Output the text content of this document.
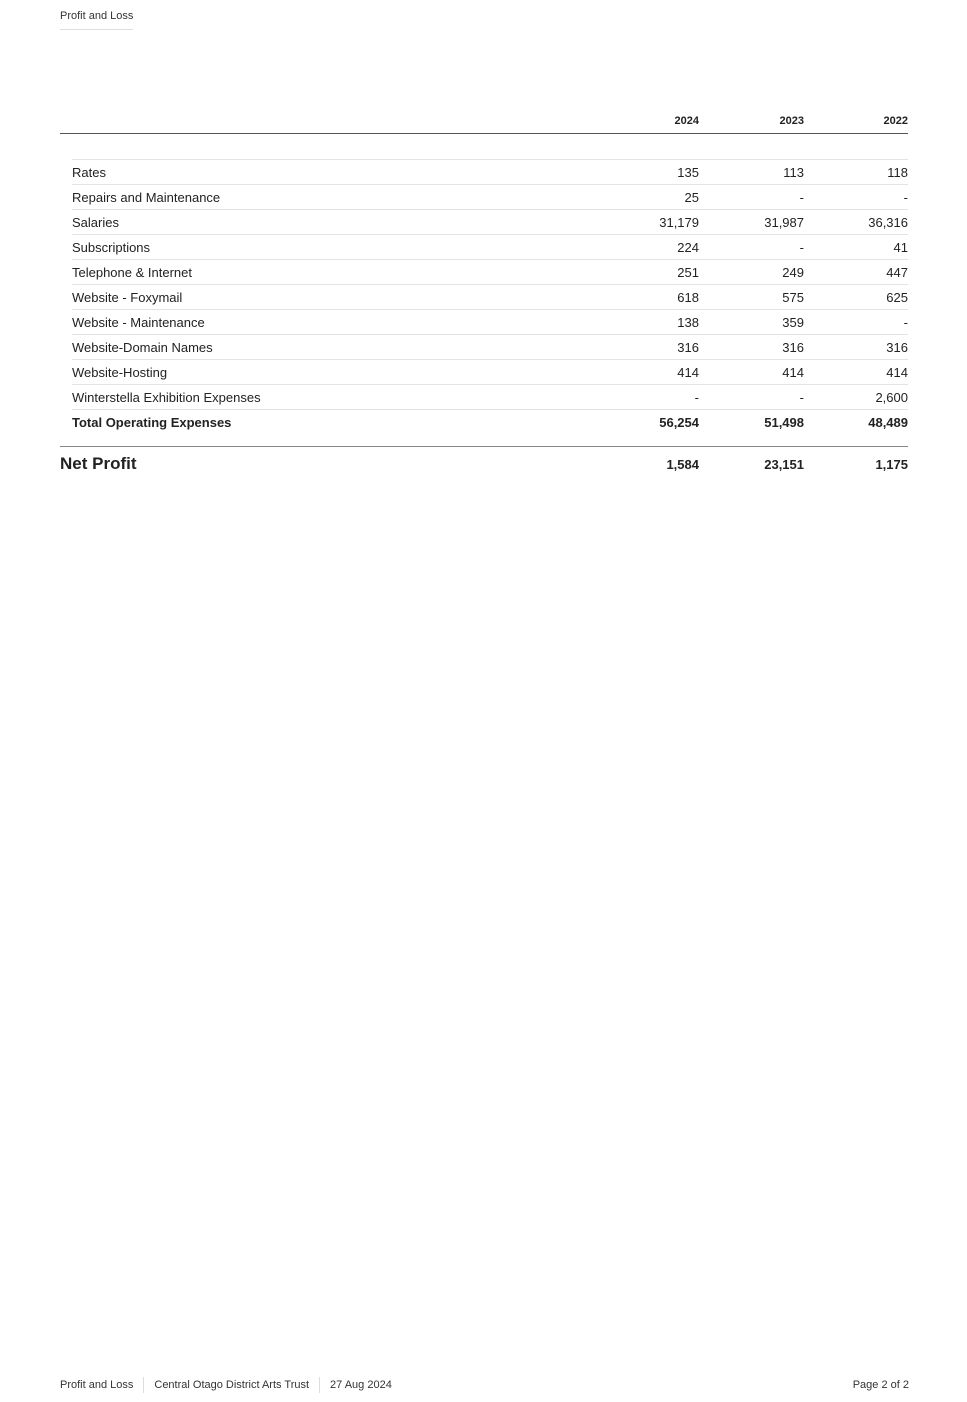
Profit and Loss
2024	2023	2022
Rates	135	113	118
Repairs and Maintenance	25	-	-
Salaries	31,179	31,987	36,316
Subscriptions	224	-	41
Telephone & Internet	251	249	447
Website - Foxymail	618	575	625
Website - Maintenance	138	359	-
Website-Domain Names	316	316	316
Website-Hosting	414	414	414
Winterstella Exhibition Expenses	-	-	2,600
Total Operating Expenses	56,254	51,498	48,489
Net Profit	1,584	23,151	1,175
Profit and Loss Central Otago District Arts Trust 27 Aug 2024	Page 2 of 2
